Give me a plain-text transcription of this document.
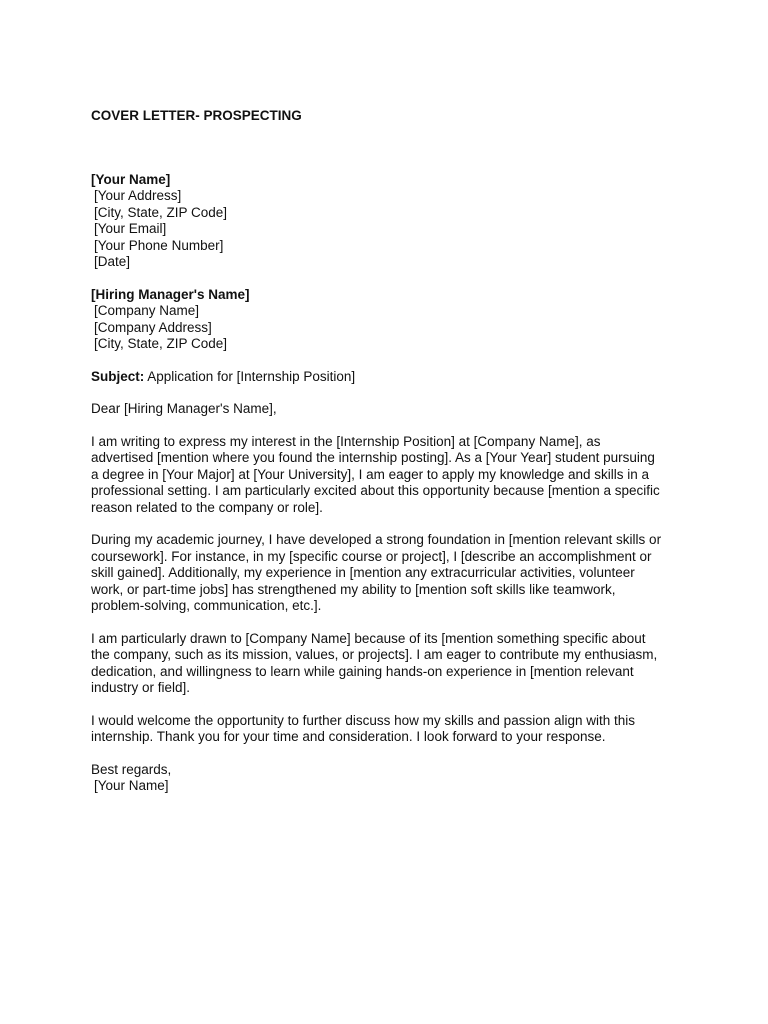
COVER LETTER- PROSPECTING
[Your Name]
[Your Address]
[City, State, ZIP Code]
[Your Email]
[Your Phone Number]
[Date]
[Hiring Manager's Name]
[Company Name]
[Company Address]
[City, State, ZIP Code]
Subject: Application for [Internship Position]
Dear [Hiring Manager's Name],
I am writing to express my interest in the [Internship Position] at [Company Name], as
advertised [mention where you found the internship posting]. As a [Your Year] student pursuing
a degree in [Your Major] at [Your University], I am eager to apply my knowledge and skills in a
professional setting. I am particularly excited about this opportunity because [mention a specific
reason related to the company or role].
During my academic journey, I have developed a strong foundation in [mention relevant skills or
coursework]. For instance, in my [specific course or project], I [describe an accomplishment or
skill gained]. Additionally, my experience in [mention any extracurricular activities, volunteer
work, or part-time jobs] has strengthened my ability to [mention soft skills like teamwork,
problem-solving, communication, etc.].
I am particularly drawn to [Company Name] because of its [mention something specific about
the company, such as its mission, values, or projects]. I am eager to contribute my enthusiasm,
dedication, and willingness to learn while gaining hands-on experience in [mention relevant
industry or field].
I would welcome the opportunity to further discuss how my skills and passion align with this
internship. Thank you for your time and consideration. I look forward to your response.
Best regards,
[Your Name]
